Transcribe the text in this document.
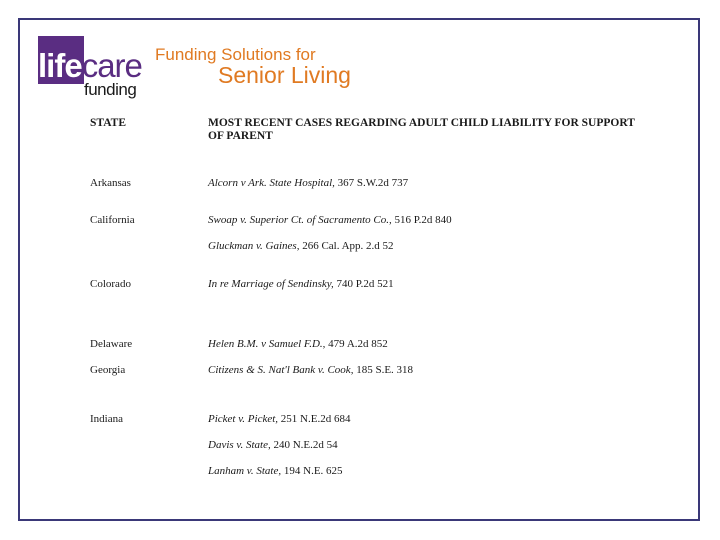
lifecare
funding
Funding Solutions for
Senior Living
STATE	MOST RECENT CASES REGARDING ADULT CHILD LIABILITY FOR SUPPORT OF PARENT
Arkansas
California
Colorado
Delaware
Georgia
Indiana
Alcorn v Ark. State Hospital, 367 S.W.2d 737
Swoap v. Superior Ct. of Sacramento Co., 516 P.2d 840
Gluckman v. Gaines, 266 Cal. App. 2.d 52
In re Marriage of Sendinsky, 740 P.2d 521
Helen B.M. v Samuel F.D., 479 A.2d 852
Citizens & S. Nat'l Bank v. Cook, 185 S.E. 318
Picket v. Picket, 251 N.E.2d 684
Davis v. State, 240 N.E.2d 54
Lanham v. State, 194 N.E. 625
